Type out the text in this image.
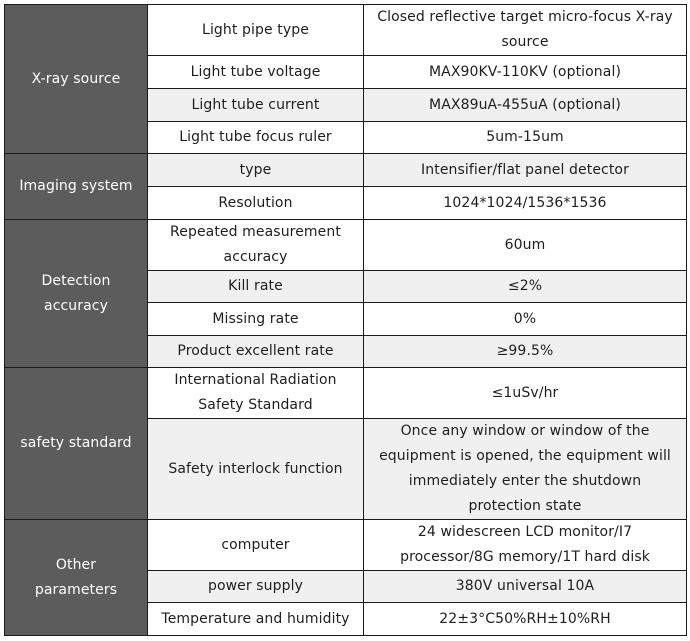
X-ray source	Light pipe type	Closed reflective target micro-focus X-ray source
	Light tube voltage	MAX90KV-110KV (optional)
	Light tube current	MAX89uA-455uA (optional)
	Light tube focus ruler	5um-15um
Imaging system	type	Intensifier/flat panel detector
	Resolution	1024*1024/1536*1536
Detection accuracy	Repeated measurement accuracy	60um
	Kill rate	≤2%
	Missing rate	0%
	Product excellent rate	≥99.5%
safety standard	International Radiation Safety Standard	≤1uSv/hr
	Safety interlock function	Once any window or window of the equipment is opened, the equipment will immediately enter the shutdown protection state
Other parameters	computer	24 widescreen LCD monitor/I7 processor/8G memory/1T hard disk
	power supply	380V universal 10A
	Temperature and humidity	22±3°C50%RH±10%RH
